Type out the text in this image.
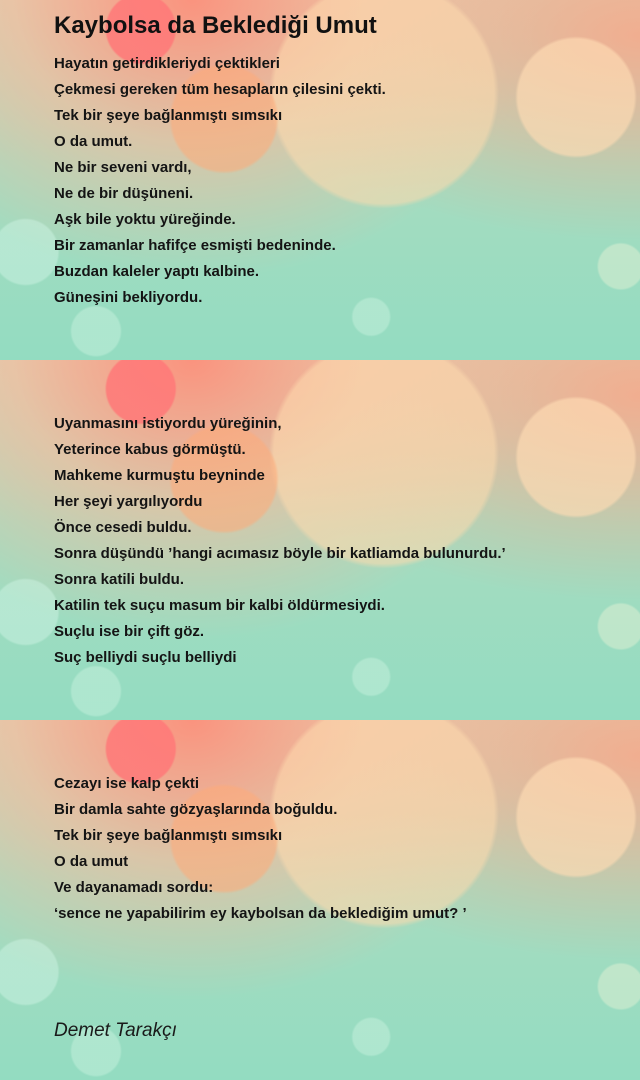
Kaybolsa da Beklediği Umut
Hayatın getirdikleriydi çektikleri
Çekmesi gereken tüm hesapların çilesini çekti.
Tek bir şeye bağlanmıştı sımsıkı
O da umut.
Ne bir seveni vardı,
Ne de bir düşüneni.
Aşk bile yoktu yüreğinde.
Bir zamanlar hafifçe esmişti bedeninde.
Buzdan kaleler yaptı kalbine.
Güneşini bekliyordu.
Uyanmasını istiyordu yüreğinin,
Yeterince kabus görmüştü.
Mahkeme kurmuştu beyninde
Her şeyi yargılıyordu
Önce cesedi buldu.
Sonra düşündü ’hangi acımasız böyle bir katliamda bulunurdu.’
Sonra katili buldu.
Katilin tek suçu masum bir kalbi öldürmesiydi.
Suçlu ise bir çift göz.
Suç belliydi suçlu belliydi
Cezayı ise kalp çekti
Bir damla sahte gözyaşlarında boğuldu.
Tek bir şeye bağlanmıştı sımsıkı
O da umut
Ve dayanamadı sordu:
‘sence ne yapabilirim ey kaybolsan da beklediğim umut? ’
Demet Tarakçı
